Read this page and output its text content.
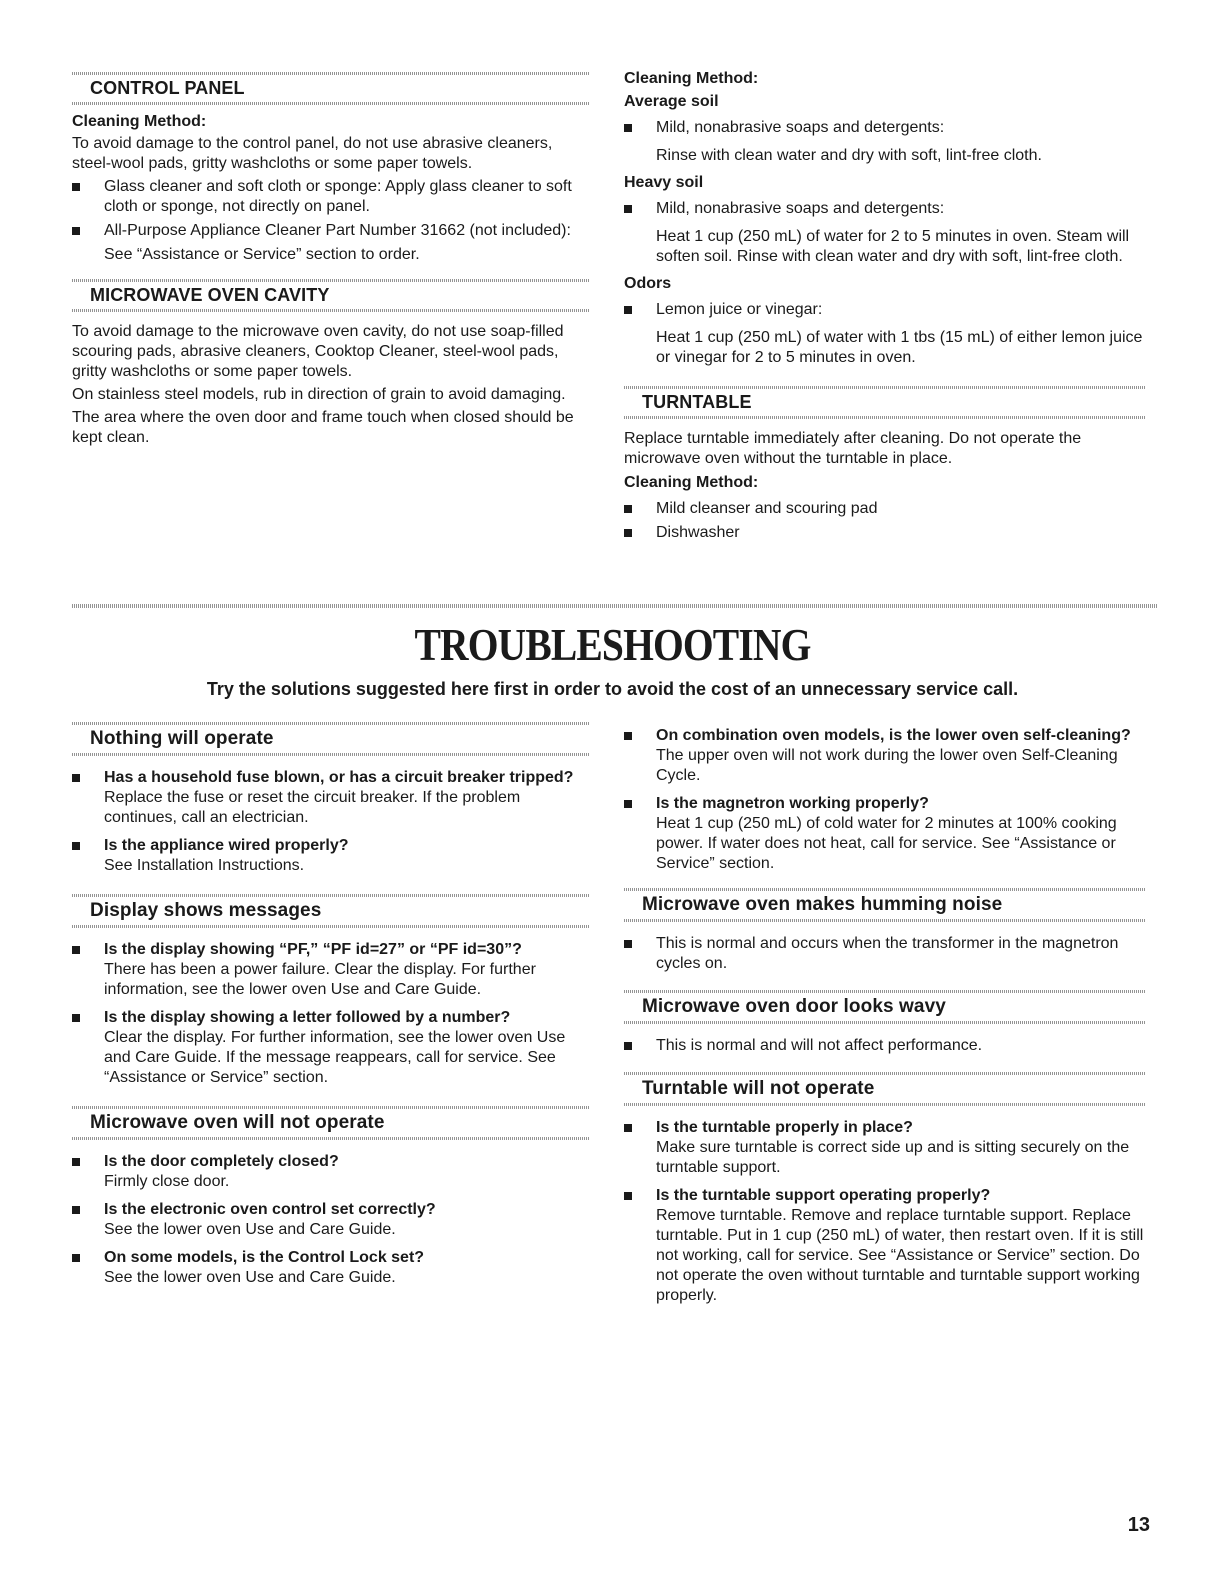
CONTROL PANEL
Cleaning Method:

To avoid damage to the control panel, do not use abrasive cleaners, steel-wool pads, gritty washcloths or some paper towels.

Glass cleaner and soft cloth or sponge: Apply glass cleaner to soft cloth or sponge, not directly on panel.
All-Purpose Appliance Cleaner Part Number 31662 (not included):
See “Assistance or Service” section to order.
MICROWAVE OVEN CAVITY

To avoid damage to the microwave oven cavity, do not use soap-filled scouring pads, abrasive cleaners, Cooktop Cleaner, steel-wool pads, gritty washcloths or some paper towels.

On stainless steel models, rub in direction of grain to avoid damaging.

The area where the oven door and frame touch when closed should be kept clean.

Cleaning Method:
Average soil
Mild, nonabrasive soaps and detergents:
Rinse with clean water and dry with soft, lint-free cloth.
Heavy soil
Mild, nonabrasive soaps and detergents:
Heat 1 cup (250 mL) of water for 2 to 5 minutes in oven. Steam will soften soil. Rinse with clean water and dry with soft, lint-free cloth.
Odors
Lemon juice or vinegar:
Heat 1 cup (250 mL) of water with 1 tbs (15 mL) of either lemon juice or vinegar for 2 to 5 minutes in oven.
TURNTABLE

Replace turntable immediately after cleaning. Do not operate the microwave oven without the turntable in place.

Cleaning Method:
Mild cleanser and scouring pad
Dishwasher
TROUBLESHOOTING
Try the solutions suggested here first in order to avoid the cost of an unnecessary service call.
Nothing will operate
Has a household fuse blown, or has a circuit breaker tripped?
Replace the fuse or reset the circuit breaker. If the problem continues, call an electrician.
Is the appliance wired properly?
See Installation Instructions.
Display shows messages
Is the display showing “PF,” “PF id=27” or “PF id=30”?
There has been a power failure. Clear the display. For further information, see the lower oven Use and Care Guide.
Is the display showing a letter followed by a number?
Clear the display. For further information, see the lower oven Use and Care Guide. If the message reappears, call for service. See “Assistance or Service” section.
Microwave oven will not operate
Is the door completely closed?
Firmly close door.
Is the electronic oven control set correctly?
See the lower oven Use and Care Guide.
On some models, is the Control Lock set?
See the lower oven Use and Care Guide.
On combination oven models, is the lower oven self-cleaning?
The upper oven will not work during the lower oven Self-Cleaning Cycle.
Is the magnetron working properly?
Heat 1 cup (250 mL) of cold water for 2 minutes at 100% cooking power. If water does not heat, call for service. See “Assistance or Service” section.
Microwave oven makes humming noise
This is normal and occurs when the transformer in the magnetron cycles on.
Microwave oven door looks wavy
This is normal and will not affect performance.
Turntable will not operate
Is the turntable properly in place?
Make sure turntable is correct side up and is sitting securely on the turntable support.
Is the turntable support operating properly?
Remove turntable. Remove and replace turntable support. Replace turntable. Put in 1 cup (250 mL) of water, then restart oven. If it is still not working, call for service. See “Assistance or Service” section. Do not operate the oven without turntable and turntable support working properly.
13
